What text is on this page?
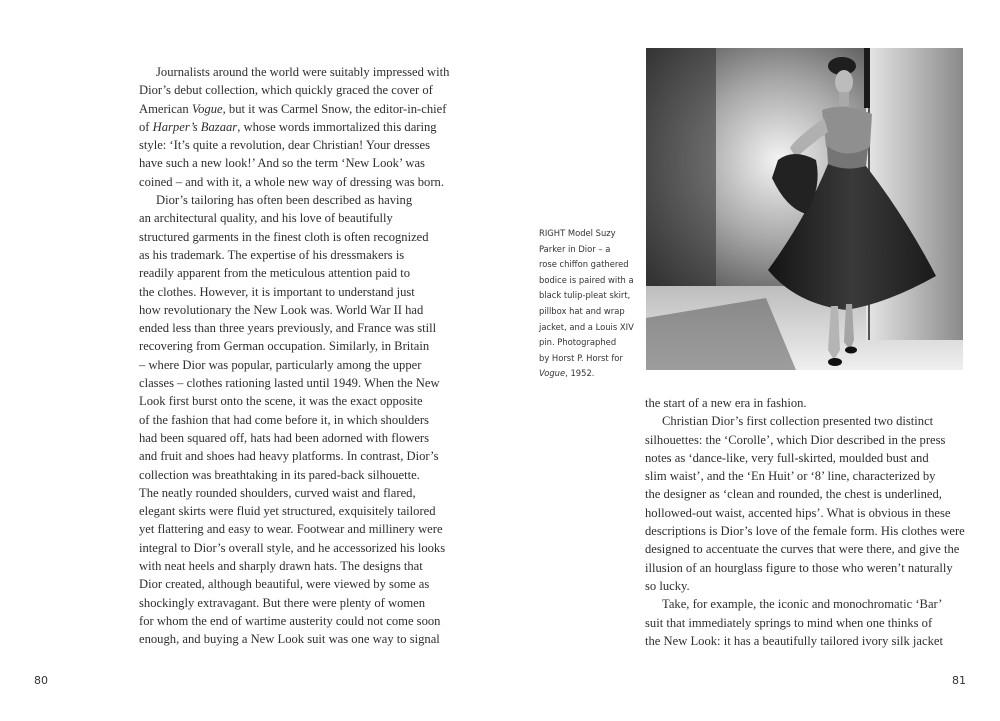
Journalists around the world were suitably impressed with
Dior’s debut collection, which quickly graced the cover of
American Vogue, but it was Carmel Snow, the editor-in-chief
of Harper’s Bazaar, whose words immortalized this daring
style: ‘It’s quite a revolution, dear Christian! Your dresses
have such a new look!’ And so the term ‘New Look’ was
coined – and with it, a whole new way of dressing was born.
Dior’s tailoring has often been described as having
an architectural quality, and his love of beautifully
structured garments in the finest cloth is often recognized
as his trademark. The expertise of his dressmakers is
readily apparent from the meticulous attention paid to
the clothes. However, it is important to understand just
how revolutionary the New Look was. World War II had
ended less than three years previously, and France was still
recovering from German occupation. Similarly, in Britain
– where Dior was popular, particularly among the upper
classes – clothes rationing lasted until 1949. When the New
Look first burst onto the scene, it was the exact opposite
of the fashion that had come before it, in which shoulders
had been squared off, hats had been adorned with flowers
and fruit and shoes had heavy platforms. In contrast, Dior’s
collection was breathtaking in its pared-back silhouette.
The neatly rounded shoulders, curved waist and flared,
elegant skirts were fluid yet structured, exquisitely tailored
yet flattering and easy to wear. Footwear and millinery were
integral to Dior’s overall style, and he accessorized his looks
with neat heels and sharply drawn hats. The designs that
Dior created, although beautiful, were viewed by some as
shockingly extravagant. But there were plenty of women
for whom the end of wartime austerity could not come soon
enough, and buying a New Look suit was one way to signal
80
RIGHT Model Suzy
Parker in Dior – a
rose chiffon gathered
bodice is paired with a
black tulip-pleat skirt,
pillbox hat and wrap
jacket, and a Louis XIV
pin. Photographed
by Horst P. Horst for
Vogue, 1952.
the start of a new era in fashion.
Christian Dior’s first collection presented two distinct
silhouettes: the ‘Corolle’, which Dior described in the press
notes as ‘dance-like, very full-skirted, moulded bust and
slim waist’, and the ‘En Huit’ or ‘8’ line, characterized by
the designer as ‘clean and rounded, the chest is underlined,
hollowed-out waist, accented hips’. What is obvious in these
descriptions is Dior’s love of the female form. His clothes were
designed to accentuate the curves that were there, and give the
illusion of an hourglass figure to those who weren’t naturally
so lucky.
Take, for example, the iconic and monochromatic ‘Bar’
suit that immediately springs to mind when one thinks of
the New Look: it has a beautifully tailored ivory silk jacket
81
